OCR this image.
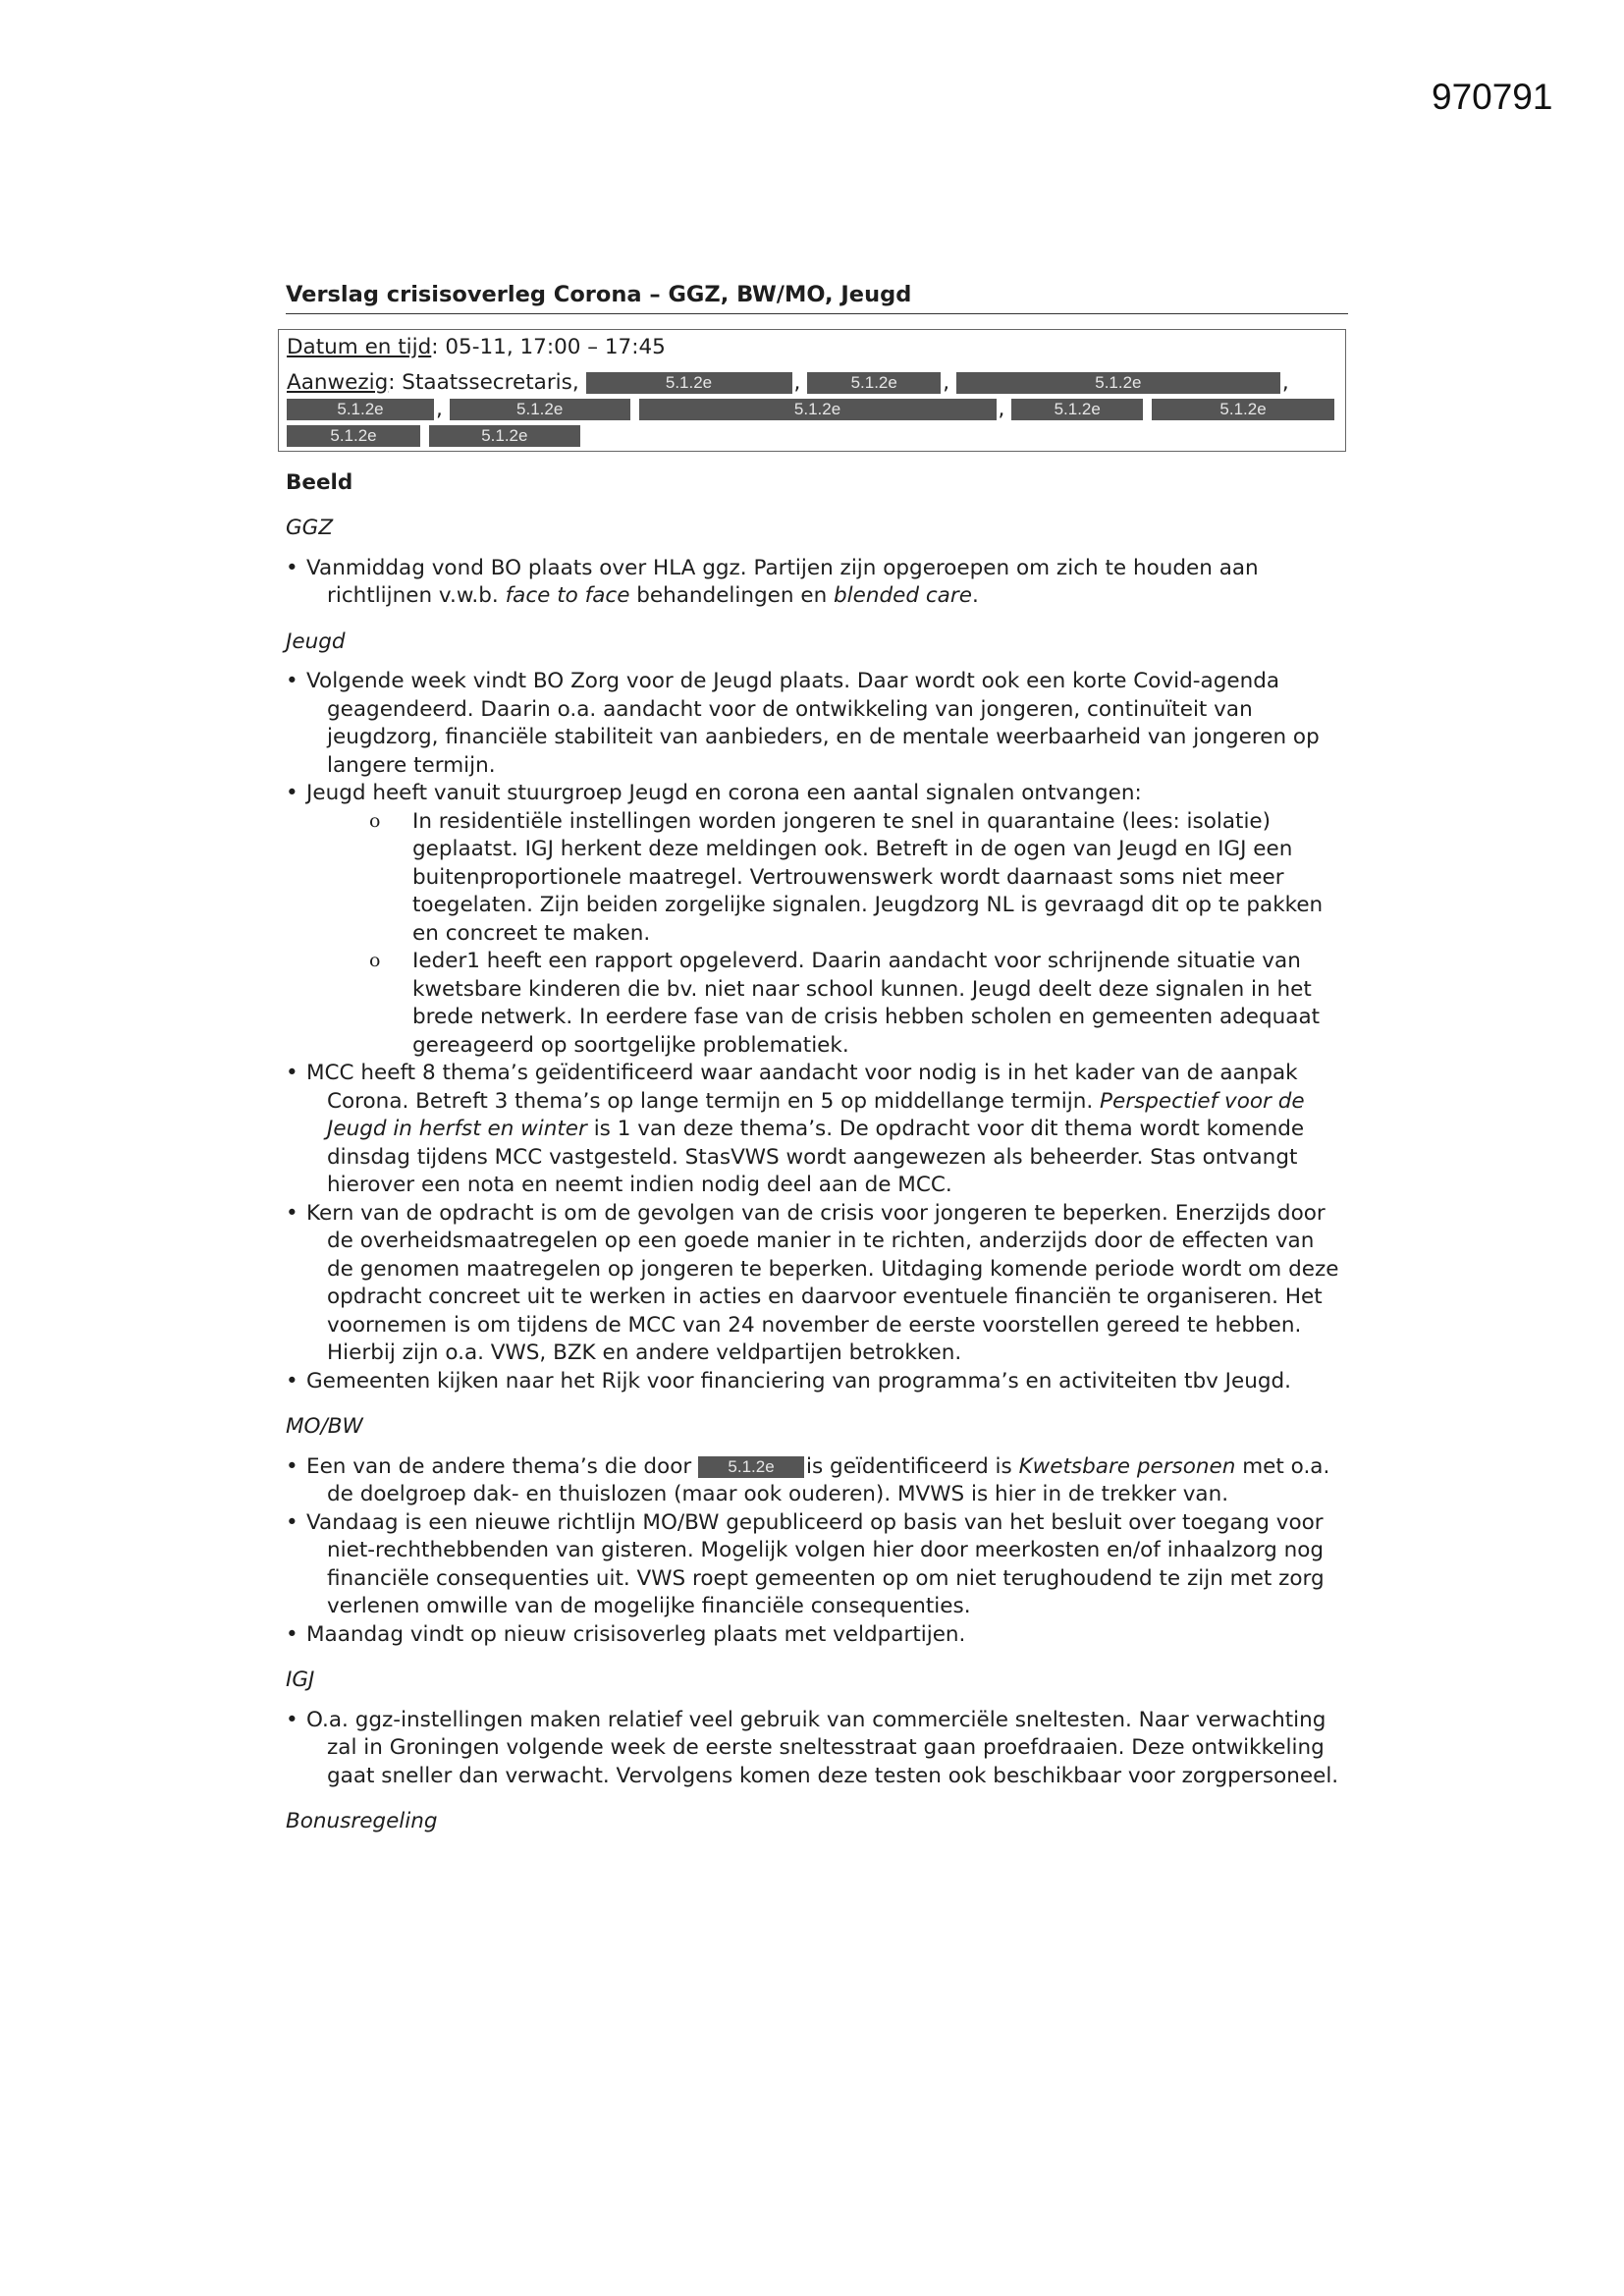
970791
Verslag crisisoverleg Corona – GGZ, BW/MO, Jeugd
Datum en tijd: 05-11, 17:00 – 17:45
Aanwezig: Staatssecretaris,	5.1.2e	,	5.1.2e ,	5.1.2e	,
5.1.2e ,	5.1.2e	5.1.2e	,	5.1.2e	5.1.2e
5.1.2e	5.1.2e
Beeld
GGZ
• Vanmiddag vond BO plaats over HLA ggz. Partijen zijn opgeroepen om zich te houden aan
richtlijnen v.w.b. face to face behandelingen en blended care.
Jeugd
• Volgende week vindt BO Zorg voor de Jeugd plaats. Daar wordt ook een korte Covid-agenda
geagendeerd. Daarin o.a. aandacht voor de ontwikkeling van jongeren, continuïteit van
jeugdzorg, financiële stabiliteit van aanbieders, en de mentale weerbaarheid van jongeren op
langere termijn.
• Jeugd heeft vanuit stuurgroep Jeugd en corona een aantal signalen ontvangen:
o In residentiële instellingen worden jongeren te snel in quarantaine (lees: isolatie)
geplaatst. IGJ herkent deze meldingen ook. Betreft in de ogen van Jeugd en IGJ een
buitenproportionele maatregel. Vertrouwenswerk wordt daarnaast soms niet meer
toegelaten. Zijn beiden zorgelijke signalen. Jeugdzorg NL is gevraagd dit op te pakken
en concreet te maken.
o Ieder1 heeft een rapport opgeleverd. Daarin aandacht voor schrijnende situatie van
kwetsbare kinderen die bv. niet naar school kunnen. Jeugd deelt deze signalen in het
brede netwerk. In eerdere fase van de crisis hebben scholen en gemeenten adequaat
gereageerd op soortgelijke problematiek.
• MCC heeft 8 thema’s geïdentificeerd waar aandacht voor nodig is in het kader van de aanpak
Corona. Betreft 3 thema’s op lange termijn en 5 op middellange termijn. Perspectief voor de
Jeugd in herfst en winter is 1 van deze thema’s. De opdracht voor dit thema wordt komende
dinsdag tijdens MCC vastgesteld. StasVWS wordt aangewezen als beheerder. Stas ontvangt
hierover een nota en neemt indien nodig deel aan de MCC.
• Kern van de opdracht is om de gevolgen van de crisis voor jongeren te beperken. Enerzijds door
de overheidsmaatregelen op een goede manier in te richten, anderzijds door de effecten van
de genomen maatregelen op jongeren te beperken. Uitdaging komende periode wordt om deze
opdracht concreet uit te werken in acties en daarvoor eventuele financiën te organiseren. Het
voornemen is om tijdens de MCC van 24 november de eerste voorstellen gereed te hebben.
Hierbij zijn o.a. VWS, BZK en andere veldpartijen betrokken.
• Gemeenten kijken naar het Rijk voor financiering van programma’s en activiteiten tbv Jeugd.
MO/BW
• Een van de andere thema’s die door 5.1.2e is geïdentificeerd is Kwetsbare personen met o.a.
de doelgroep dak- en thuislozen (maar ook ouderen). MVWS is hier in de trekker van.
• Vandaag is een nieuwe richtlijn MO/BW gepubliceerd op basis van het besluit over toegang voor
niet-rechthebbenden van gisteren. Mogelijk volgen hier door meerkosten en/of inhaalzorg nog
financiële consequenties uit. VWS roept gemeenten op om niet terughoudend te zijn met zorg
verlenen omwille van de mogelijke financiële consequenties.
• Maandag vindt op nieuw crisisoverleg plaats met veldpartijen.
IGJ
• O.a. ggz-instellingen maken relatief veel gebruik van commerciële sneltesten. Naar verwachting
zal in Groningen volgende week de eerste sneltesstraat gaan proefdraaien. Deze ontwikkeling
gaat sneller dan verwacht. Vervolgens komen deze testen ook beschikbaar voor zorgpersoneel.
Bonusregeling
